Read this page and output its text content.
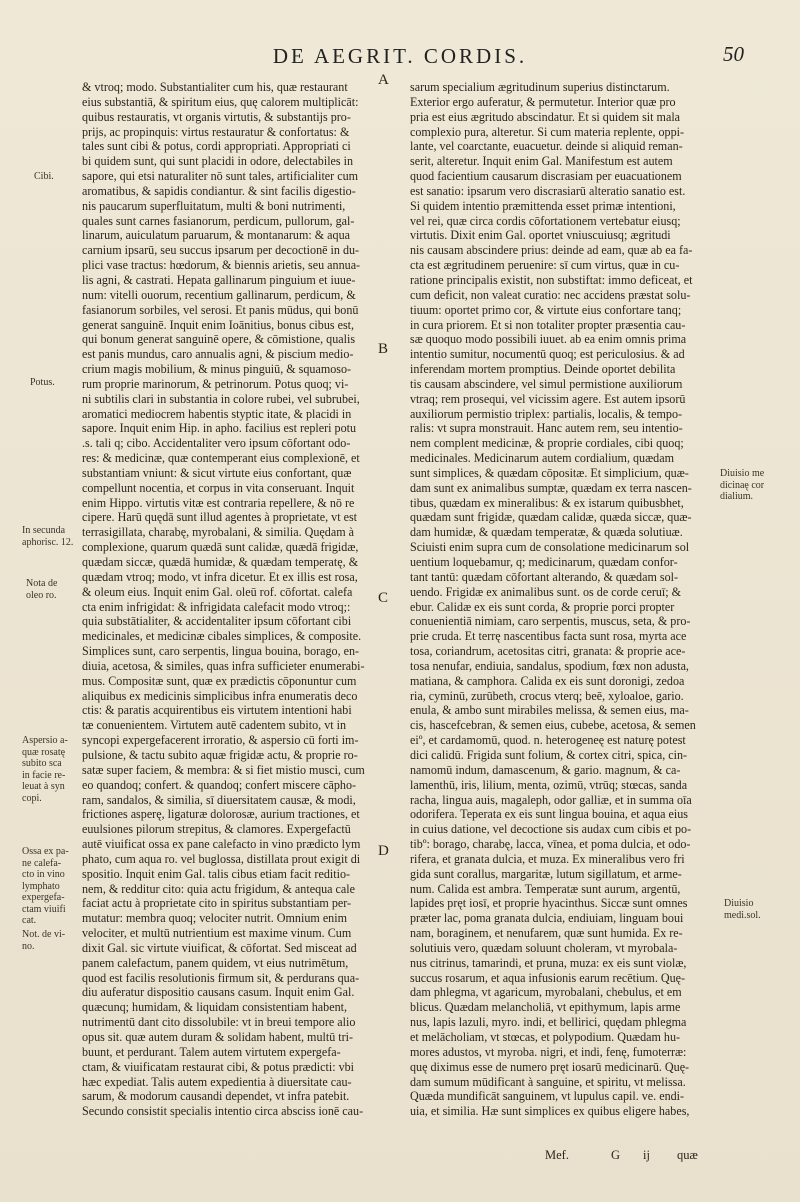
DE AEGRIT. CORDIS.	50
A
B
C
D
& vtroq; modo. Substantialiter cum his, quæ restaurant
eius substantiā, & spiritum eius, quę calorem multiplicāt:
quibus restauratis, vt organis virtutis, & substantijs pro-
prijs, ac propinquis: virtus restauratur & confortatus: &
tales sunt cibi & potus, cordi appropriati. Appropriati ci
bi quidem sunt, qui sunt placidi in odore, delectabiles in
sapore, qui etsi naturaliter nō sunt tales, artificialiter cum
aromatibus, & sapidis condiantur. & sint facilis digestio-
nis paucarum superfluitatum, multi & boni nutrimenti,
quales sunt carnes fasianorum, perdicum, pullorum, gal-
linarum, auiculatum paruarum, & montanarum: & aqua
carnium ipsarū, seu succus ipsarum per decoctionē in du-
plici vase tractus: hœdorum, & biennis arietis, seu annua-
lis agni, & castrati. Hepata gallinarum pinguium et iuue-
num: vitelli ouorum, recentium gallinarum, perdicum, &
fasianorum sorbiles, vel serosi. Et panis mūdus, qui bonū
generat sanguinē. Inquit enim Ioānitius, bonus cibus est,
qui bonum generat sanguinē opere, & cōmistione, qualis
est panis mundus, caro annualis agni, & piscium medio-
crium magis mobilium, & minus pinguiū, & squamoso-
rum proprie marinorum, & petrinorum. Potus quoq; vi-
ni subtilis clari in substantia in colore rubei, vel subrubei,
aromatici mediocrem habentis styptic itate, & placidi in
sapore. Inquit enim Hip. in apho. facilius est repleri potu
.s. tali q; cibo. Accidentaliter vero ipsum cōfortant odo-
res: & medicinæ, quæ contemperant eius complexionē, et
substantiam vniunt: & sicut virtute eius confortant, quæ
compellunt nocentia, et corpus in vita conseruant. Inquit
enim Hippo. virtutis vitæ est contraria repellere, & nō re
cipere. Harū quędā sunt illud agentes à proprietate, vt est
terrasigillata, charabę, myrobalani, & similia. Quędam à
complexione, quarum quædā sunt calidæ, quædā frigidæ,
quædam siccæ, quædā humidæ, & quædam temperatę, &
quædam vtroq; modo, vt infra dicetur. Et ex illis est rosa,
& oleum eius. Inquit enim Gal. oleū rof. cōfortat. calefa
cta enim infrigidat: & infrigidata calefacit modo vtroq;:
quia substātialiter, & accidentaliter ipsum cōfortant cibi
medicinales, et medicinæ cibales simplices, & composite.
Simplices sunt, caro serpentis, lingua bouina, borago, en-
diuia, acetosa, & similes, quas infra sufficieter enumerabi-
mus. Compositæ sunt, quæ ex prædictis cōponuntur cum
aliquibus ex medicinis simplicibus infra enumeratis deco
ctis: & paratis acquirentibus eis virtutem intentioni habi
tæ conuenientem. Virtutem autē cadentem subito, vt in
syncopi expergefacerent irroratio, & aspersio cū forti im-
pulsione, & tactu subito aquæ frigidæ actu, & proprie ro-
satæ super faciem, & membra: & si fiet mistio musci, cum
eo quandoq; confert. & quandoq; confert miscere cāpho-
ram, sandalos, & similia, sī diuersitatem causæ, & modi,
frictiones asperę, ligaturæ dolorosæ, aurium tractiones, et
euulsiones pilorum strepitus, & clamores. Expergefactū
autē viuificat ossa ex pane calefacto in vino prædicto lym
phato, cum aqua ro. vel buglossa, distillata prout exigit di
spositio. Inquit enim Gal. talis cibus etiam facit reditio-
nem, & redditur cito: quia actu frigidum, & antequa cale
faciat actu à proprietate cito in spiritus substantiam per-
mutatur: membra quoq; velociter nutrit. Omnium enim
velociter, et multū nutrientium est maxime vinum. Cum
dixit Gal. sic virtute viuificat, & cōfortat. Sed misceat ad
panem calefactum, panem quidem, vt eius nutrimētum,
quod est facilis resolutionis firmum sit, & perdurans qua-
diu auferatur dispositio causans casum. Inquit enim Gal.
quæcunq; humidam, & liquidam consistentiam habent,
nutrimentū dant cito dissolubile: vt in breui tempore alio
opus sit. quæ autem duram & solidam habent, multū tri-
buunt, et perdurant. Talem autem virtutem expergefa-
ctam, & viuificatam restaurat cibi, & potus prædicti: vbi
hæc expediat. Talis autem expedientia à diuersitate cau-
sarum, & modorum causandi dependet, vt infra patebit.
Secundo consistit specialis intentio circa absciss ionē cau-
sarum specialium ægritudinum superius distinctarum.
Exterior ergo auferatur, & permutetur. Interior quæ pro
pria est eius ægritudo abscindatur. Et si quidem sit mala
complexio pura, alteretur. Si cum materia replente, oppi-
lante, vel coarctante, euacuetur. deinde si aliquid reman-
serit, alteretur. Inquit enim Gal. Manifestum est autem
quod facientium causarum discrasiam per euacuationem
est sanatio: ipsarum vero discrasiarū alteratio sanatio est.
Si quidem intentio præmittenda esset primæ intentioni,
vel rei, quæ circa cordis cōfortationem vertebatur eiusq;
virtutis. Dixit enim Gal. oportet vniuscuiusq; ægritudi
nis causam abscindere prius: deinde ad eam, quæ ab ea fa-
cta est ægritudinem peruenire: sī cum virtus, quæ in cu-
ratione principalis existit, non substiftat: immo deficeat, et
cum deficit, non valeat curatio: nec accidens præstat solu-
tiuum: oportet primo cor, & virtute eius confortare tanq;
in cura priorem. Et si non totaliter propter præsentia cau-
sæ quoquo modo possibili iuuet. ab ea enim omnis prima
intentio sumitur, nocumentū quoq; est periculosius. & ad
inferendam mortem promptius. Deinde oportet debilita
tis causam abscindere, vel simul permistione auxiliorum
vtraq; rem prosequi, vel vicissim agere. Est autem ipsorū
auxiliorum permistio triplex: partialis, localis, & tempo-
ralis: vt supra monstrauit. Hanc autem rem, seu intentio-
nem complent medicinæ, & proprie cordiales, cibi quoq;
medicinales. Medicinarum autem cordialium, quædam
sunt simplices, & quædam cōpositæ. Et simplicium, quæ-
dam sunt ex animalibus sumptæ, quædam ex terra nascen-
tibus, quædam ex mineralibus: & ex istarum quibusbhet,
quædam sunt frigidæ, quædam calidæ, quæda siccæ, quæ-
dam humidæ, & quædam temperatæ, & quæda solutiuæ.
Sciuisti enim supra cum de consolatione medicinarum sol
uentium loquebamur, q; medicinarum, quædam confor-
tant tantū: quædam cōfortant alterando, & quædam sol-
uendo. Frigidæ ex animalibus sunt. os de corde ceruī; &
ebur. Calidæ ex eis sunt corda, & proprie porci propter
conuenientiā nimiam, caro serpentis, muscus, seta, & pro-
prie cruda. Et terrę nascentibus facta sunt rosa, myrta ace
tosa, coriandrum, acetositas citri, granata: & proprie ace-
tosa nenufar, endiuia, sandalus, spodium, fœx non adusta,
matiana, & camphora. Calida ex eis sunt doronigi, zedoa
ria, cyminū, zurūbeth, crocus vterq; beē, xyloaloe, gario.
enula, & ambo sunt mirabiles melissa, & semen eius, ma-
cis, hascefcebran, & semen eius, cubebe, acetosa, & semen
eiº, et cardamomū, quod. n. heterogeneę est naturę potest
dici calidū. Frigida sunt folium, & cortex citri, spica, cin-
namomū indum, damascenum, & gario. magnum, & ca-
lamenthū, iris, lilium, menta, ozimū, vtrūq; stœcas, sanda
racha, lingua auis, magaleph, odor galliæ, et in summa oīa
odorifera. Teperata ex eis sunt lingua bouina, et aqua eius
in cuius datione, vel decoctione sis audax cum cibis et po-
tibº: borago, charabę, lacca, vīnea, et poma dulcia, et odo-
rifera, et granata dulcia, et muza. Ex mineralibus vero fri
gida sunt corallus, margaritæ, lutum sigillatum, et arme-
num. Calida est ambra. Temperatæ sunt aurum, argentū,
lapides pręt iosī, et proprie hyacinthus. Siccæ sunt omnes
præter lac, poma granata dulcia, endiuiam, linguam boui
nam, boraginem, et nenufarem, quæ sunt humida. Ex re-
solutiuis vero, quædam soluunt choleram, vt myrobala-
nus citrinus, tamarindi, et pruna, muza: ex eis sunt violæ,
succus rosarum, et aqua infusionis earum recētium. Quę-
dam phlegma, vt agaricum, myrobalani, chebulus, et em
blicus. Quædam melancholiā, vt epithymum, lapis arme
nus, lapis lazuli, myro. indi, et bellirici, quędam phlegma
et melācholiam, vt stœcas, et polypodium. Quædam hu-
mores adustos, vt myroba. nigri, et indi, fenę, fumoterræ:
quę diximus esse de numero pręt iosarū medicinarū. Quę-
dam sumum mūdificant à sanguine, et spiritu, vt melissa.
Quæda mundificāt sanguinem, vt lupulus capil. ve. endi-
uia, et similia. Hæ sunt simplices ex quibus eligere habes,
Cibi.
Potus.
In secunda
aphorisc. 12.
Nota de
oleo ro.
Aspersio a-
quæ rosatę
subito sca
in facie re-
leuat à syn
copi.
Ossa ex pa-
ne calefa-
cto in vino
lymphato
expergefa-
ctam viuifi
cat.
Not. de vi-
no.
Diuisio me
dicinaę cor
dialium.
Diuisio
medi.sol.
Mef.	G ij quæ
